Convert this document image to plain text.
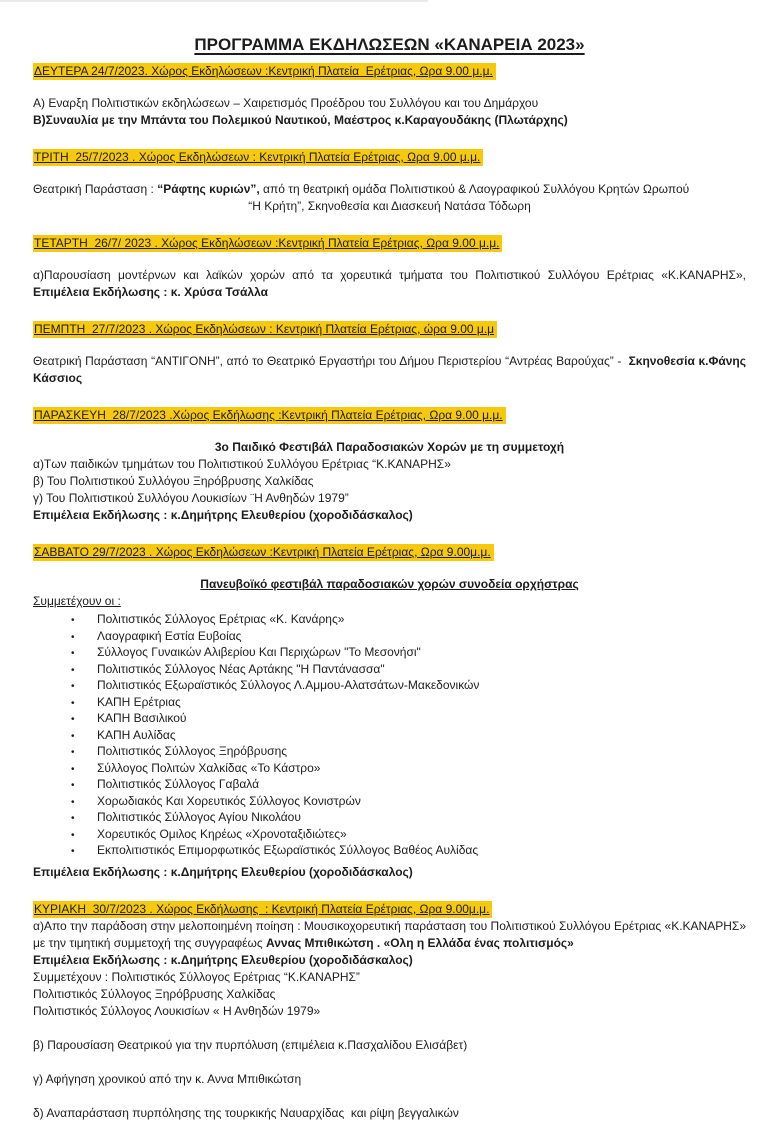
ΠΡΟΓΡΑΜΜΑ ΕΚΔΗΛΩΣΕΩΝ «ΚΑΝΑΡΕΙΑ 2023»

ΔΕΥΤΕΡΑ 24/7/2023. Χώρος Εκδηλώσεων :Κεντρική Πλατεία  Ερέτριας, Ωρα 9.00 μ.μ.

Α) Εναρξη Πολιτιστικών εκδηλώσεων – Χαιρετισμός Προέδρου του Συλλόγου και του Δημάρχου

Β)Συναυλία με την Μπάντα του Πολεμικού Ναυτικού, Μαέστρος κ.Καραγουδάκης (Πλωτάρχης)

ΤΡΙΤΗ  25/7/2023 . Χώρος Εκδηλώσεων : Κεντρική Πλατεία Ερέτριας, Ωρα 9.00 μ.μ.

Θεατρική Παράσταση : “Ράφτης κυριών”, από τη θεατρική ομάδα Πολιτιστικού & Λαογραφικού Συλλόγου Κρητών Ωρωπού

“Η Κρήτη”, Σκηνοθεσία και Διασκευή Νατάσα Τόδωρη

ΤΕΤΑΡΤΗ  26/7/ 2023 . Χώρος Εκδηλώσεων :Κεντρική Πλατεία Ερέτριας, Ωρα 9.00 μ.μ.

α)Παρουσίαση μοντέρνων και λαϊκών χορών από τα χορευτικά τμήματα του Πολιτιστικού Συλλόγου Ερέτριας «Κ.ΚΑΝΑΡΗΣ», Επιμέλεια Εκδήλωσης : κ. Χρύσα Τσάλλα

ΠΕΜΠΤΗ  27/7/2023 . Χώρος Εκδηλώσεων : Κεντρική Πλατεία Ερέτριας, ώρα 9.00 μ.μ

Θεατρική Παράσταση “ΑΝΤΙΓΟΝΗ”, από το Θεατρικό Εργαστήρι του Δήμου Περιστερίου “Αντρέας Βαρούχας” -  Σκηνοθεσία κ.Φάνης Κάσσιος

ΠΑΡΑΣΚΕΥΗ  28/7/2023 .Χώρος Εκδήλωσης :Κεντρική Πλατεία Ερέτριας, Ωρα 9.00 μ.μ.

3ο Παιδικό Φεστιβάλ Παραδοσιακών Χορών με τη συμμετοχή

α)Των παιδικών τμημάτων του Πολιτιστικού Συλλόγου Ερέτριας “Κ.ΚΑΝΑΡΗΣ»

β) Του Πολιτιστικού Συλλόγου Ξηρόβρυσης Χαλκίδας

γ) Του Πολιτιστικού Συλλόγου Λουκισίων ¨Η Ανθηδών 1979”

Επιμέλεια Εκδήλωσης : κ.Δημήτρης Ελευθερίου (χοροδιδάσκαλος)

ΣΑΒΒΑΤΟ 29/7/2023 . Χώρος Εκδηλώσεων :Κεντρική Πλατεία Ερέτριας, Ωρα 9.00μ.μ.

Πανευβοϊκό φεστιβάλ παραδοσιακών χορών συνοδεία ορχήστρας

Συμμετέχουν οι :

•	Πολιτιστικός Σύλλογος Ερέτριας «Κ. Κανάρης»
•	Λαογραφική Εστία Ευβοίας
•	Σύλλογος Γυναικών Αλιβερίου Και Περιχώρων "Το Μεσονήσι"
•	Πολιτιστικός Σύλλογος Νέας Αρτάκης "Η Παντάνασσα"
•	Πολιτιστικός Εξωραϊστικός Σύλλογος Λ.Αμμου-Αλατσάτων-Μακεδονικών
•	ΚΑΠΗ Ερέτριας
•	ΚΑΠΗ Βασιλικού
•	ΚΑΠΗ Αυλίδας
•	Πολιτιστικός Σύλλογος Ξηρόβρυσης
•	Σύλλογος Πολιτών Χαλκίδας «Το Κάστρο»
•	Πολιτιστικός Σύλλογος Γαβαλά
•	Χορωδιακός Και Χορευτικός Σύλλογος Κονιστρών
•	Πολιτιστικός Σύλλογος Αγίου Νικολάου
•	Χορευτικός Ομιλος Κηρέως «Χρονοταξιδιώτες»
•	Εκπολιτιστικός Επιμορφωτικός Εξωραϊστικός Σύλλογος Βαθέος Αυλίδας

Επιμέλεια Εκδήλωσης : κ.Δημήτρης Ελευθερίου (χοροδιδάσκαλος)

ΚΥΡΙΑΚΗ  30/7/2023 . Χώρος Εκδήλωσης  : Κεντρική Πλατεία Ερέτριας, Ωρα 9.00μ.μ.

α)Απο την παράδοση στην μελοποιημένη ποίηση : Μουσικοχορευτική παράσταση του Πολιτιστικού Συλλόγου Ερέτριας «Κ.ΚΑΝΑΡΗΣ» με την τιμητική συμμετοχή της συγγραφέως Αννας Μπιθικώτση . «Ολη η Ελλάδα ένας πολιτισμός»

Επιμέλεια Εκδήλωσης : κ.Δημήτρης Ελευθερίου (χοροδιδάσκαλος)

Συμμετέχουν : Πολιτιστικός Σύλλογος Ερέτριας “Κ.ΚΑΝΑΡΗΣ”

Πολιτιστικός Σύλλογος Ξηρόβρυσης Χαλκίδας

Πολιτιστικός Σύλλογος Λουκισίων « Η Ανθηδών 1979»

β) Παρουσίαση Θεατρικού για την πυρπόλυση (επιμέλεια κ.Πασχαλίδου Ελισάβετ)

γ) Αφήγηση χρονικού από την κ. Αννα Μπιθικώτση

δ) Αναπαράσταση πυρπόλησης της τουρκικής Ναυαρχίδας  και ρίψη βεγγαλικών
